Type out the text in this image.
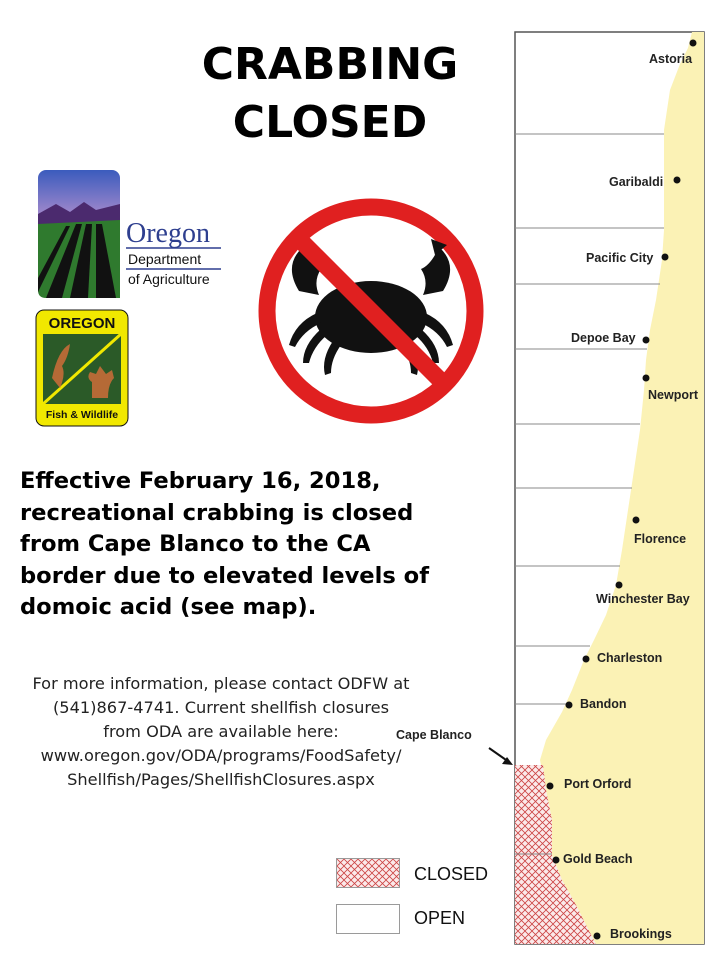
CRABBING
CLOSED
Oregon
Department
of Agriculture
OREGON
Fish & Wildlife
Effective February 16, 2018,
recreational crabbing is closed
from Cape Blanco to the CA
border due to elevated levels of
domoic acid (see map).
For more information, please contact ODFW at
(541)867-4741. Current shellfish closures
from ODA are available here:
www.oregon.gov/ODA/programs/FoodSafety/
Shellfish/Pages/ShellfishClosures.aspx
Astoria
Garibaldi
Pacific City
Depoe Bay
Newport
Florence
Winchester Bay
Charleston
Bandon
Port Orford
Gold Beach
Brookings
Cape Blanco
CLOSED
OPEN
